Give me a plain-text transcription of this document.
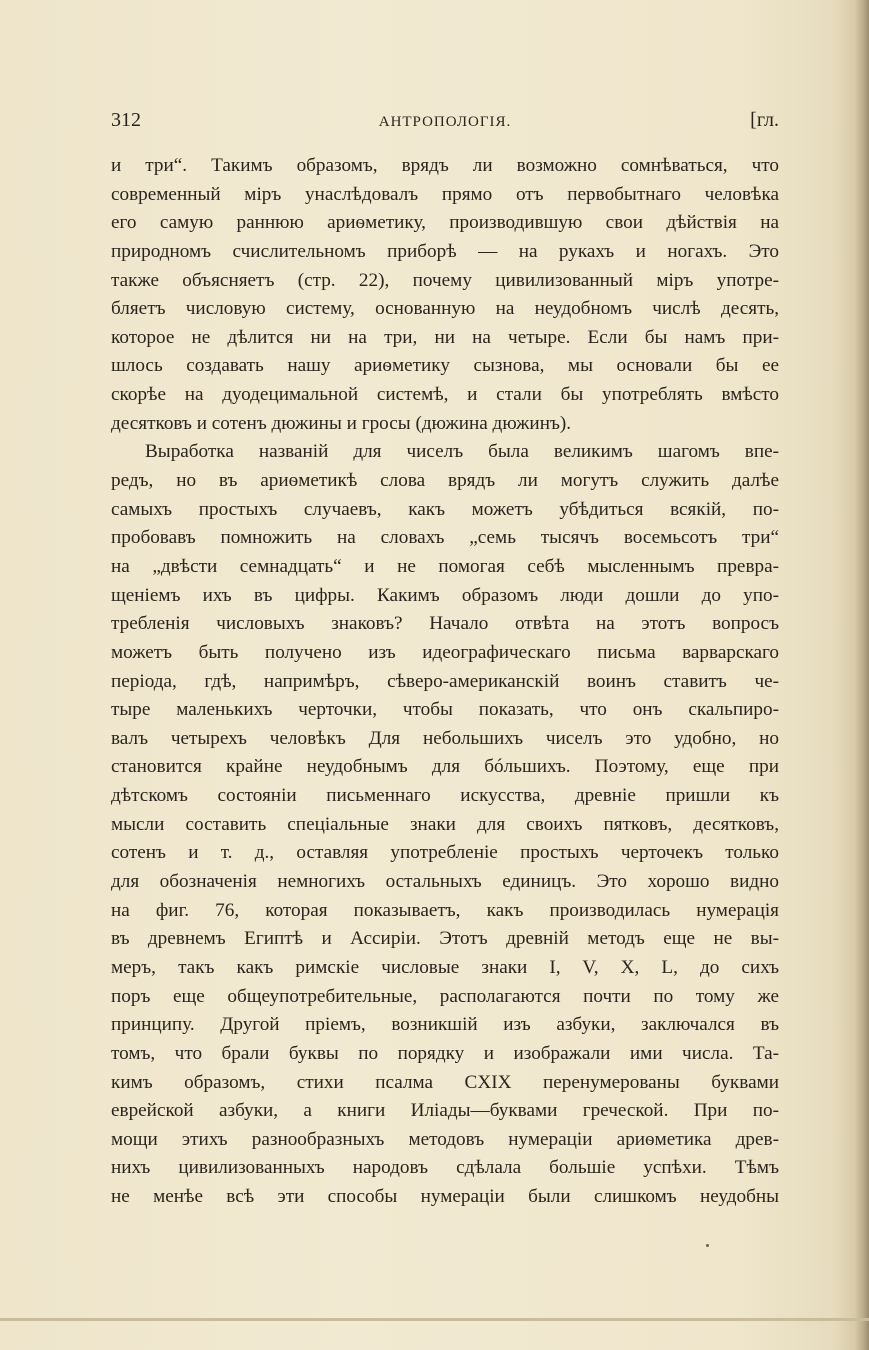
312	АНТРОПОЛОГІЯ.	[гл.
и три“. Такимъ образомъ, врядъ ли возможно сомнѣваться, что
современный міръ унаслѣдовалъ прямо отъ первобытнаго человѣка
его самую раннюю ариѳметику, производившую свои дѣйствія на
природномъ счислительномъ приборѣ — на рукахъ и ногахъ. Это
также объясняетъ (стр. 22), почему цивилизованный міръ употре-
бляетъ числовую систему, основанную на неудобномъ числѣ десять,
которое не дѣлится ни на три, ни на четыре. Если бы намъ при-
шлось создавать нашу ариѳметику сызнова, мы основали бы ее
скорѣе на дуодецимальной системѣ, и стали бы употреблять вмѣсто
десятковъ и сотенъ дюжины и гросы (дюжина дюжинъ).
Выработка названій для чиселъ была великимъ шагомъ впе-
редъ, но въ ариѳметикѣ слова врядъ ли могутъ служить далѣе
самыхъ простыхъ случаевъ, какъ можетъ убѣдиться всякій, по-
пробовавъ помножить на словахъ „семь тысячъ восемьсотъ три“
на „двѣсти семнадцать“ и не помогая себѣ мысленнымъ превра-
щеніемъ ихъ въ цифры. Какимъ образомъ люди дошли до упо-
требленія числовыхъ знаковъ? Начало отвѣта на этотъ вопросъ
можетъ быть получено изъ идеографическаго письма варварскаго
періода, гдѣ, напримѣръ, сѣверо-американскій воинъ ставитъ че-
тыре маленькихъ черточки, чтобы показать, что онъ скальпиро-
валъ четырехъ человѣкъ Для небольшихъ чиселъ это удобно, но
становится крайне неудобнымъ для бóльшихъ. Поэтому, еще при
дѣтскомъ состояніи письменнаго искусства, древніе пришли къ
мысли составить спеціальные знаки для своихъ пятковъ, десятковъ,
сотенъ и т. д., оставляя употребленіе простыхъ черточекъ только
для обозначенія немногихъ остальныхъ единицъ. Это хорошо видно
на фиг. 76, которая показываетъ, какъ производилась нумерація
въ древнемъ Египтѣ и Ассиріи. Этотъ древній методъ еще не вы-
меръ, такъ какъ римскіе числовые знаки I, V, X, L, до сихъ
поръ еще общеупотребительные, располагаются почти по тому же
принципу. Другой пріемъ, возникшій изъ азбуки, заключался въ
томъ, что брали буквы по порядку и изображали ими числа. Та-
кимъ образомъ, стихи псалма CXIX перенумерованы буквами
еврейской азбуки, а книги Иліады—буквами греческой. При по-
мощи этихъ разнообразныхъ методовъ нумераціи ариѳметика древ-
нихъ цивилизованныхъ народовъ сдѣлала большіе успѣхи. Тѣмъ
не менѣе всѣ эти способы нумераціи были слишкомъ неудобны
